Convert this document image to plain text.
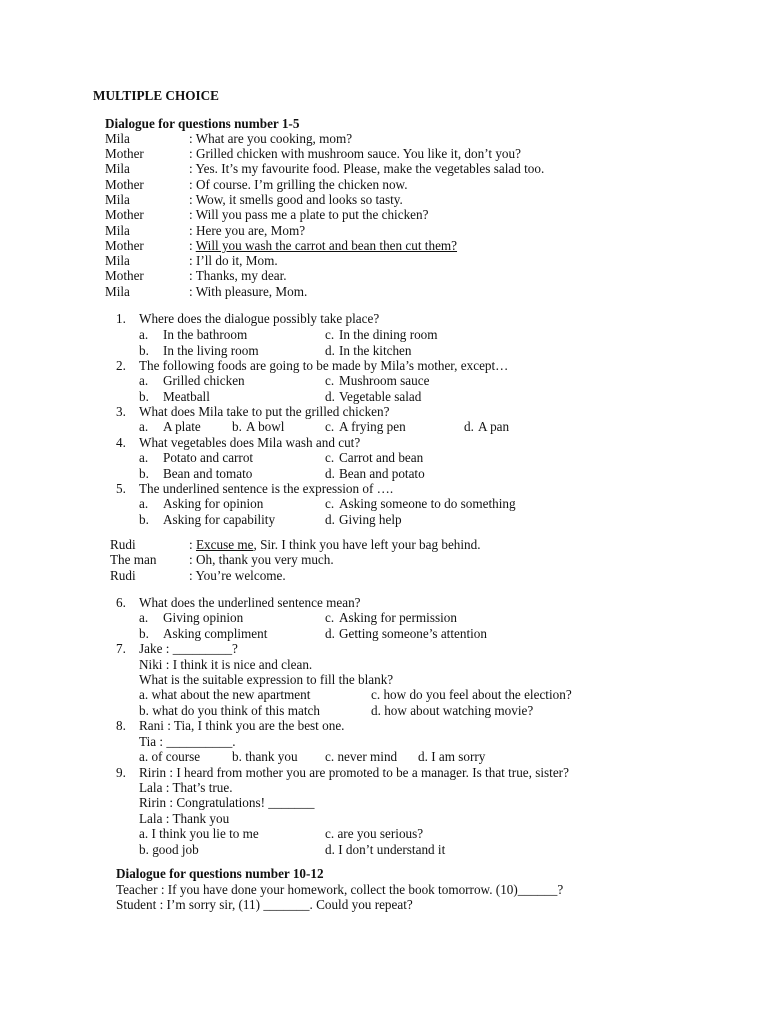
MULTIPLE CHOICE
Dialogue for questions number 1-5
Mila	: What are you cooking, mom?
Mother	: Grilled chicken with mushroom sauce. You like it, don’t you?
Mila	: Yes. It’s my favourite food. Please, make the vegetables salad too.
Mother	: Of course. I’m grilling the chicken now.
Mila	: Wow, it smells good and looks so tasty.
Mother	: Will you pass me a plate to put the chicken?
Mila	: Here you are, Mom?
Mother	: Will you wash the carrot and bean then cut them?
Mila	: I’ll do it, Mom.
Mother	: Thanks, my dear.
Mila	: With pleasure, Mom.
1. Where does the dialogue possibly take place?
a. In the bathroom	c. In the dining room
b. In the living room	d. In the kitchen
2. The following foods are going to be made by Mila’s mother, except…
a. Grilled chicken	c. Mushroom sauce
b. Meatball	d. Vegetable salad
3. What does Mila take to put the grilled chicken?
a. A plate b. A bowl	c. A frying pen	d. A pan
4. What vegetables does Mila wash and cut?
a. Potato and carrot	c. Carrot and bean
b. Bean and tomato	d. Bean and potato
5. The underlined sentence is the expression of ….
a. Asking for opinion	c. Asking someone to do something
b. Asking for capability	d. Giving help
Rudi	: Excuse me, Sir. I think you have left your bag behind.
The man : Oh, thank you very much.
Rudi	: You’re welcome.
6. What does the underlined sentence mean?
a. Giving opinion	c. Asking for permission
b. Asking compliment	d. Getting someone’s attention
7. Jake : _________?
Niki : I think it is nice and clean.
What is the suitable expression to fill the blank?
a. what about the new apartment	c. how do you feel about the election?
b. what do you think of this match	d. how about watching movie?
8. Rani : Tia, I think you are the best one.
Tia : __________.
a. of course b. thank you c. never mind d. I am sorry
9. Ririn : I heard from mother you are promoted to be a manager. Is that true, sister?
Lala : That’s true.
Ririn : Congratulations! _______
Lala : Thank you
a. I think you lie to me	c. are you serious?
b. good job	d. I don’t understand it
Dialogue for questions number 10-12
Teacher : If you have done your homework, collect the book tomorrow. (10)______?
Student : I’m sorry sir, (11) _______. Could you repeat?
